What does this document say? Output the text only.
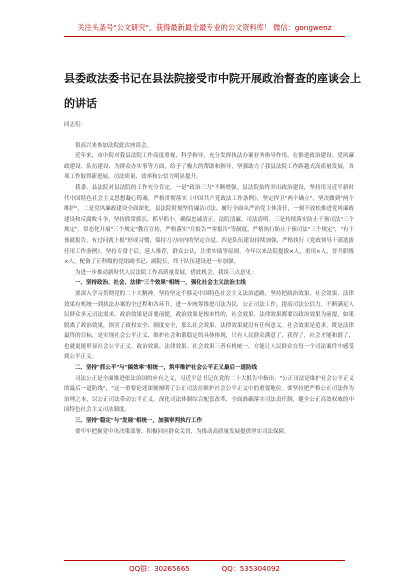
关注头条号"公文研究"，获得最新最全最专业的公文资料库！ 微信：gongwenz
县委政法委书记在县法院接受市中院开展政治督查的座谈会上的讲话

同志们：

很高兴来参加法院此次座谈会。

近年来，市中院对我县法院工作高度重视，科学指导，充分发挥执法办案业务指导作用，在推进政治建设、党风廉政建设、队伍建设、为群众办实事等方面，给予了极大的帮助和指导，坚强助力了我县法院工作跨越式高质量发展，各项工作取得新进展，司法质量、效率和公信力明显提升。

我委、县法院对县法院的工作充分肯定，一是"政治三力"不断增强。县法院始终突出政治建设，坚持用习近平新时代中国特色社会主义思想凝心铸魂，严格贯彻落实《中国共产党政法工作条例》，坚定捍卫"两个确立"，坚决做到"两个维护"，二是党风廉政建设全面深化。县法院时刻坚持廉洁司法，履行全面从严治党主体责任，一刻不放松推进党风廉政建设和反腐败斗争，坚持抓常抓长，抓早抓小。确保忠诚清正、法院清廉、司法清明。三是持续落实防止干预司法"三个规定"，常态化开展"三个规定"教育宣传，严格落实"月报告""零报告"等制度，严格执行防止干预司法"三个规定"，"有干预就报告，有过问就上报"形成习惯，保持刀刃向内的坚定自觉。四是队伍建设持续加强，严格执行《党政领导干部选拔任用工作条例》，坚持专常于后，延人推荐，群众公认，注重实绩等原则，今年以来法院提拔×人，重用×人，晋升职级×人，配备了正科级的党组副书记、副院长，终于队伍建设进一步加强。

为进一步推动新时代人民法院工作高质量发展，借此机会，我谈三点意见：

一、坚持政治、社会、法律"三个效果"相统一，强化社会主义法治主线

要深入学习贯彻党的二十大精神，坚持坚定不移走中国特色社会主义法治道路，坚持把政治效果、社会效果、法律效果有机统一到执法办案的全过程和各环节，进一步统筹推进司法为民、公正司法工作，提高司法公信力，不断满足人民群众多元司法需求。政治效果是首要前提，政治效果是根本性的，社会效果、法律效果都要以政治效果为前提，如果脱离了政治效果，损害了政权安全、制度安全，那么社会效果、法律效果就没有任何意义。社会效果是追求，既是法律最终的目标，是实现社会公平正义、维护社会和谐稳定的具体体现，只有人民群众满意了，获得了，社会才能和谐了，也就更能彰显社会公平正义。政治效果、法律效果、社会效果三者有机统一，方能让人民群众在每一个司法案件中感受到公平正义。

二、坚持"抓公平"与"搞效率"相统一，筑牢维护社会公平正义最后一道防线

司法公正是全面推进依法治国的应有之义，习近平总书记在党的二十大报告中指出："公正司法是维护社会公平正义的最后一道防线"，"这一重要论述深刻阐明了公正司法在维护社会公平正义中的重要地位。要坚持把严格公正司法作为治理之本，以公正司法带动公平正义。深化司法体制综合配套改革，全面准确落实司法责任制，健全公正高效权威的中国特色社会主义司法制度。

三、坚持"稳定"与"发展"相统一，加强审判执行工作

要牢牢把握党中央决策部署、积极回应群众关切，为推动高质量发展提供坚实司法保障。

QQ群：30265665	QQ：535304092
